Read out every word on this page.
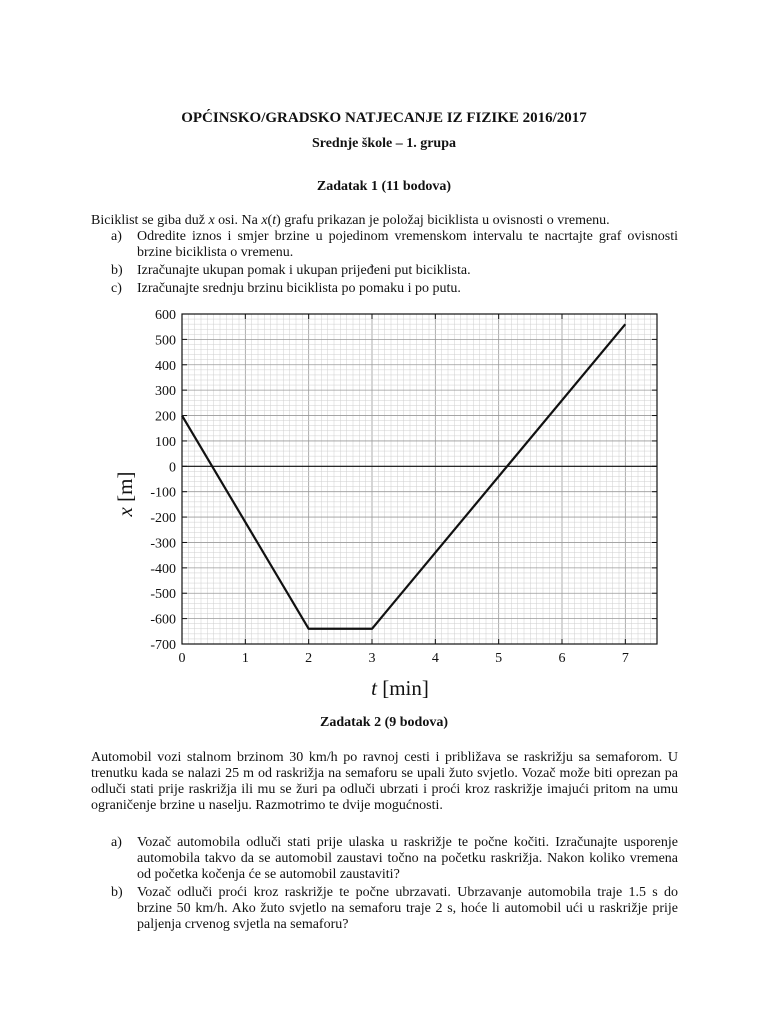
OPĆINSKO/GRADSKO NATJECANJE IZ FIZIKE 2016/2017
Srednje škole – 1. grupa
Zadatak 1 (11 bodova)
Biciklist se giba duž x osi. Na x(t) grafu prikazan je položaj biciklista u ovisnosti o vremenu.
a) Odredite iznos i smjer brzine u pojedinom vremenskom intervalu te nacrtajte graf ovisnosti brzine biciklista o vremenu.
b) Izračunajte ukupan pomak i ukupan prijeđeni put biciklista.
c) Izračunajte srednju brzinu biciklista po pomaku i po putu.
0	1	2	3	4	5	6	7
600
500
400
300
200
100
0
-100
-200
-300
-400
-500
-600
-700
t [min]
x [m]
Zadatak 2 (9 bodova)
Automobil vozi stalnom brzinom 30 km/h po ravnoj cesti i približava se raskrižju sa semaforom. U trenutku kada se nalazi 25 m od raskrižja na semaforu se upali žuto svjetlo. Vozač može biti oprezan pa odluči stati prije raskrižja ili mu se žuri pa odluči ubrzati i proći kroz raskrižje imajući pritom na umu ograničenje brzine u naselju. Razmotrimo te dvije mogućnosti.
a) Vozač automobila odluči stati prije ulaska u raskrižje te počne kočiti. Izračunajte usporenje automobila takvo da se automobil zaustavi točno na početku raskrižja. Nakon koliko vremena od početka kočenja će se automobil zaustaviti?
b) Vozač odluči proći kroz raskrižje te počne ubrzavati. Ubrzavanje automobila traje 1.5 s do brzine 50 km/h. Ako žuto svjetlo na semaforu traje 2 s, hoće li automobil ući u raskrižje prije paljenja crvenog svjetla na semaforu?
